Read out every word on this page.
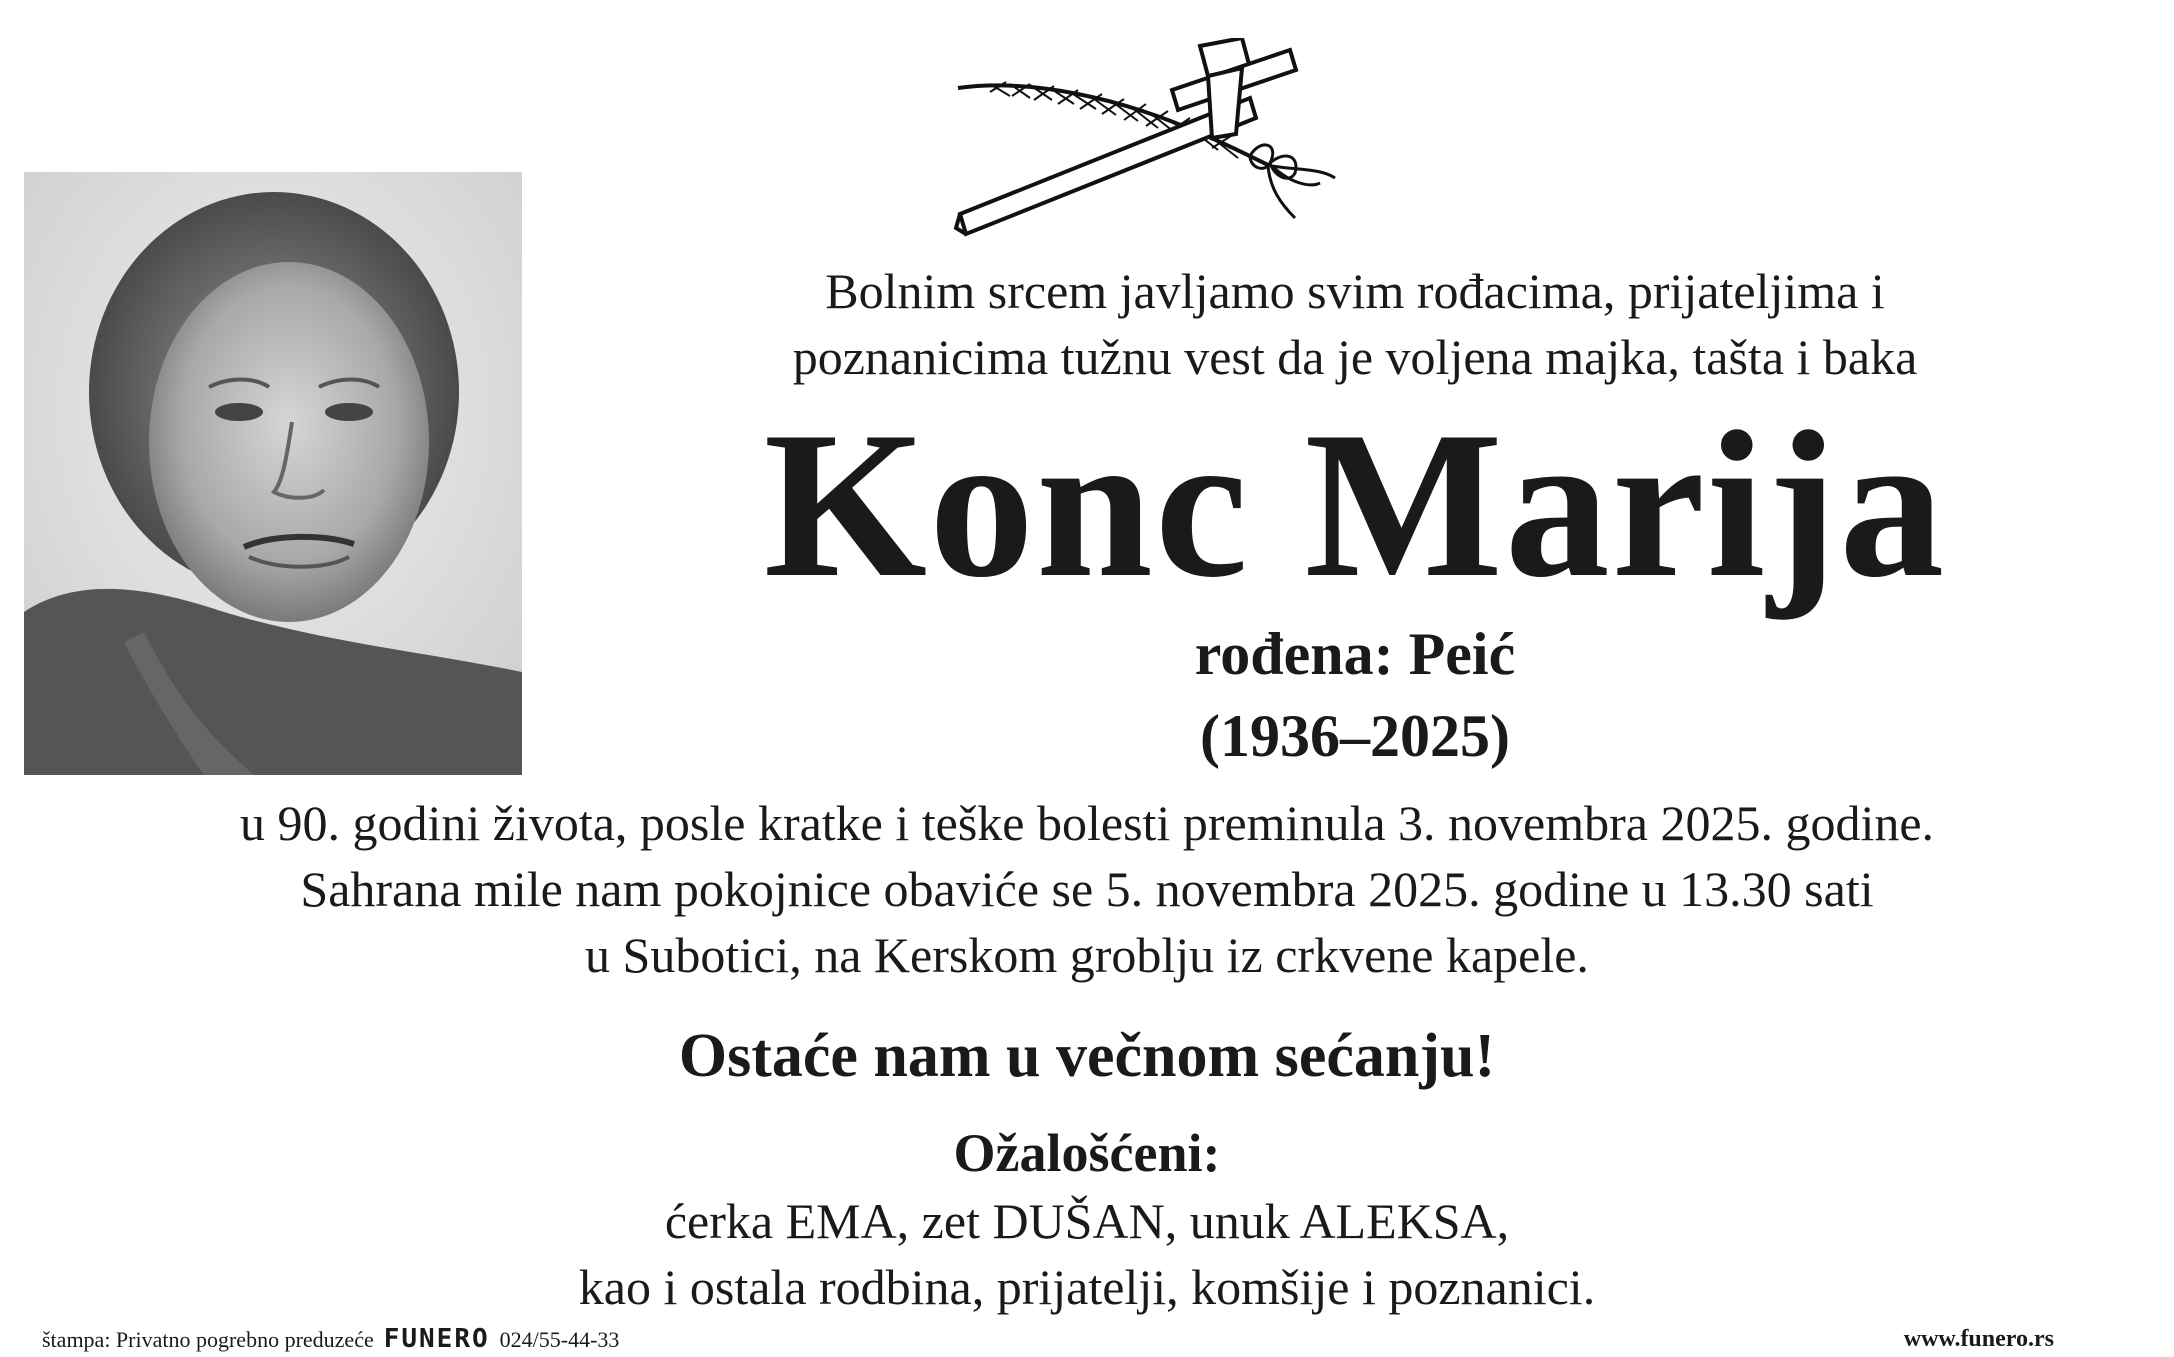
Bolnim srcem javljamo svim rođacima, prijateljima i
poznanicima tužnu vest da je voljena majka, tašta i baka
Konc Marija
rođena: Peić
(1936–2025)
u 90. godini života, posle kratke i teške bolesti preminula 3. novembra 2025. godine.
Sahrana mile nam pokojnice obaviće se 5. novembra 2025. godine u 13.30 sati
u Subotici, na Kerskom groblju iz crkvene kapele.
Ostaće nam u večnom sećanju!
Ožalošćeni:
ćerka EMA, zet DUŠAN, unuk ALEKSA,
kao i ostala rodbina, prijatelji, komšije i poznanici.
štampa: Privatno pogrebno preduzeće FUNERO 024/55-44-33	www.funero.rs
